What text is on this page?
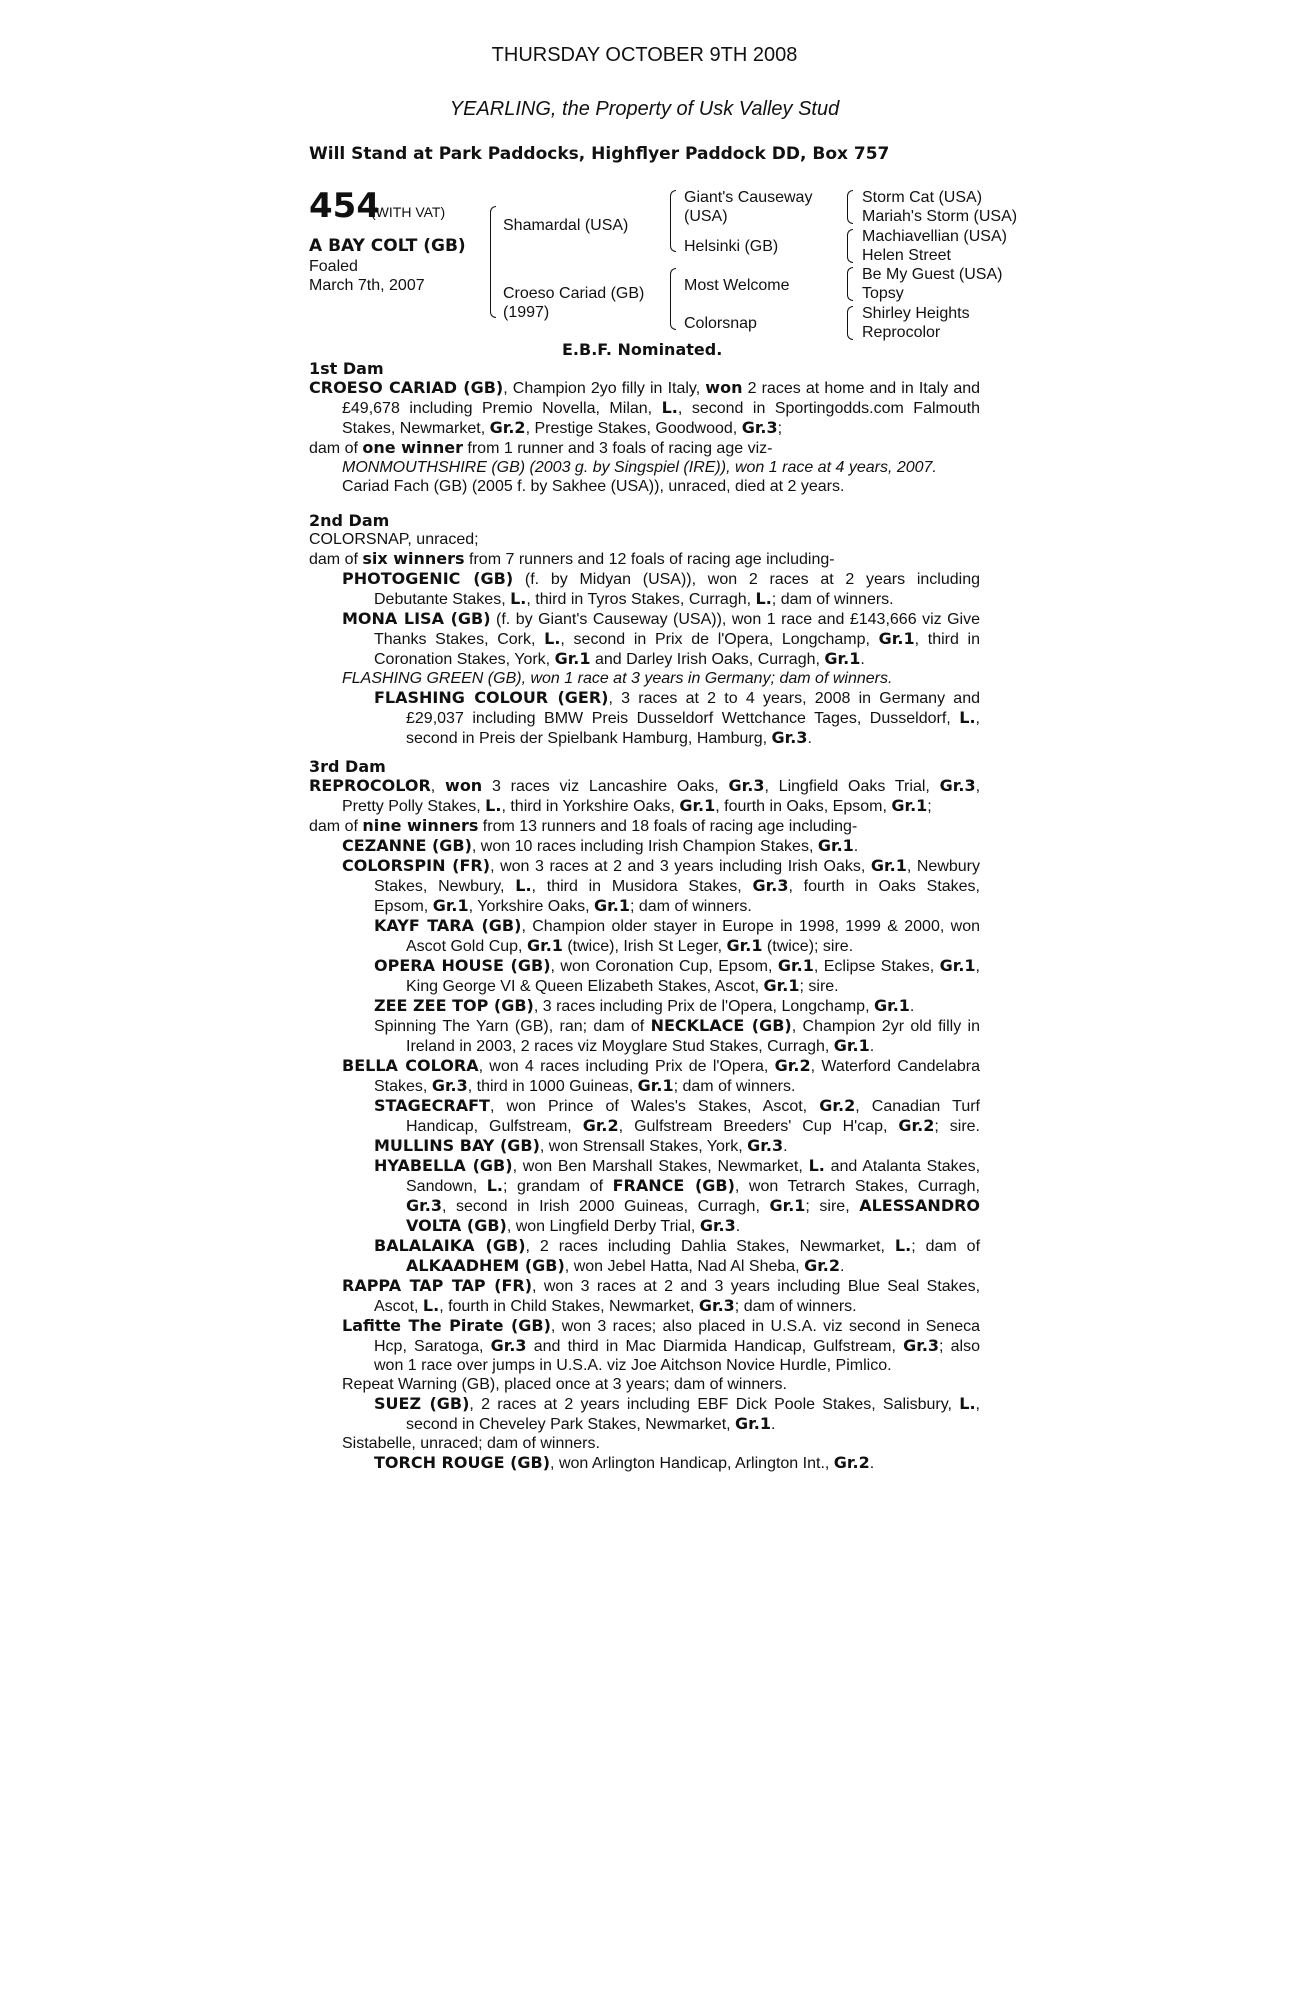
THURSDAY OCTOBER 9TH 2008
YEARLING, the Property of Usk Valley Stud
Will Stand at Park Paddocks, Highflyer Paddock DD, Box 757
454
(WITH VAT)
A BAY COLT (GB)
Foaled
March 7th, 2007
Shamardal (USA)
Croeso Cariad (GB)
(1997)
Giant's Causeway
(USA)
Helsinki (GB)
Most Welcome
Colorsnap
Storm Cat (USA)
Mariah's Storm (USA)
Machiavellian (USA)
Helen Street
Be My Guest (USA)
Topsy
Shirley Heights
Reprocolor
E.B.F. Nominated.
1st Dam

CROESO CARIAD (GB), Champion 2yo filly in Italy, won 2 races at home and in Italy and

£49,678 including Premio Novella, Milan, L., second in Sportingodds.com Falmouth

Stakes, Newmarket, Gr.2, Prestige Stakes, Goodwood, Gr.3;

dam of one winner from 1 runner and 3 foals of racing age viz-

MONMOUTHSHIRE (GB) (2003 g. by Singspiel (IRE)), won 1 race at 4 years, 2007.

Cariad Fach (GB) (2005 f. by Sakhee (USA)), unraced, died at 2 years.

2nd Dam

COLORSNAP, unraced;

dam of six winners from 7 runners and 12 foals of racing age including-

PHOTOGENIC (GB) (f. by Midyan (USA)), won 2 races at 2 years including

Debutante Stakes, L., third in Tyros Stakes, Curragh, L.; dam of winners.

MONA LISA (GB) (f. by Giant's Causeway (USA)), won 1 race and £143,666 viz Give

Thanks Stakes, Cork, L., second in Prix de l'Opera, Longchamp, Gr.1, third in

Coronation Stakes, York, Gr.1 and Darley Irish Oaks, Curragh, Gr.1.

FLASHING GREEN (GB), won 1 race at 3 years in Germany; dam of winners.

FLASHING COLOUR (GER), 3 races at 2 to 4 years, 2008 in Germany and

£29,037 including BMW Preis Dusseldorf Wettchance Tages, Dusseldorf, L.,

second in Preis der Spielbank Hamburg, Hamburg, Gr.3.

3rd Dam

REPROCOLOR, won 3 races viz Lancashire Oaks, Gr.3, Lingfield Oaks Trial, Gr.3,

Pretty Polly Stakes, L., third in Yorkshire Oaks, Gr.1, fourth in Oaks, Epsom, Gr.1;

dam of nine winners from 13 runners and 18 foals of racing age including-

CEZANNE (GB), won 10 races including Irish Champion Stakes, Gr.1.

COLORSPIN (FR), won 3 races at 2 and 3 years including Irish Oaks, Gr.1, Newbury

Stakes, Newbury, L., third in Musidora Stakes, Gr.3, fourth in Oaks Stakes,

Epsom, Gr.1, Yorkshire Oaks, Gr.1; dam of winners.

KAYF TARA (GB), Champion older stayer in Europe in 1998, 1999 & 2000, won

Ascot Gold Cup, Gr.1 (twice), Irish St Leger, Gr.1 (twice); sire.

OPERA HOUSE (GB), won Coronation Cup, Epsom, Gr.1, Eclipse Stakes, Gr.1,

King George VI & Queen Elizabeth Stakes, Ascot, Gr.1; sire.

ZEE ZEE TOP (GB), 3 races including Prix de l'Opera, Longchamp, Gr.1.

Spinning The Yarn (GB), ran; dam of NECKLACE (GB), Champion 2yr old filly in

Ireland in 2003, 2 races viz Moyglare Stud Stakes, Curragh, Gr.1.

BELLA COLORA, won 4 races including Prix de l'Opera, Gr.2, Waterford Candelabra

Stakes, Gr.3, third in 1000 Guineas, Gr.1; dam of winners.

STAGECRAFT, won Prince of Wales's Stakes, Ascot, Gr.2, Canadian Turf

Handicap, Gulfstream, Gr.2, Gulfstream Breeders' Cup H'cap, Gr.2; sire.

MULLINS BAY (GB), won Strensall Stakes, York, Gr.3.

HYABELLA (GB), won Ben Marshall Stakes, Newmarket, L. and Atalanta Stakes,

Sandown, L.; grandam of FRANCE (GB), won Tetrarch Stakes, Curragh,

Gr.3, second in Irish 2000 Guineas, Curragh, Gr.1; sire, ALESSANDRO

VOLTA (GB), won Lingfield Derby Trial, Gr.3.

BALALAIKA (GB), 2 races including Dahlia Stakes, Newmarket, L.; dam of

ALKAADHEM (GB), won Jebel Hatta, Nad Al Sheba, Gr.2.

RAPPA TAP TAP (FR), won 3 races at 2 and 3 years including Blue Seal Stakes,

Ascot, L., fourth in Child Stakes, Newmarket, Gr.3; dam of winners.

Lafitte The Pirate (GB), won 3 races; also placed in U.S.A. viz second in Seneca

Hcp, Saratoga, Gr.3 and third in Mac Diarmida Handicap, Gulfstream, Gr.3; also

won 1 race over jumps in U.S.A. viz Joe Aitchson Novice Hurdle, Pimlico.

Repeat Warning (GB), placed once at 3 years; dam of winners.

SUEZ (GB), 2 races at 2 years including EBF Dick Poole Stakes, Salisbury, L.,

second in Cheveley Park Stakes, Newmarket, Gr.1.

Sistabelle, unraced; dam of winners.

TORCH ROUGE (GB), won Arlington Handicap, Arlington Int., Gr.2.
